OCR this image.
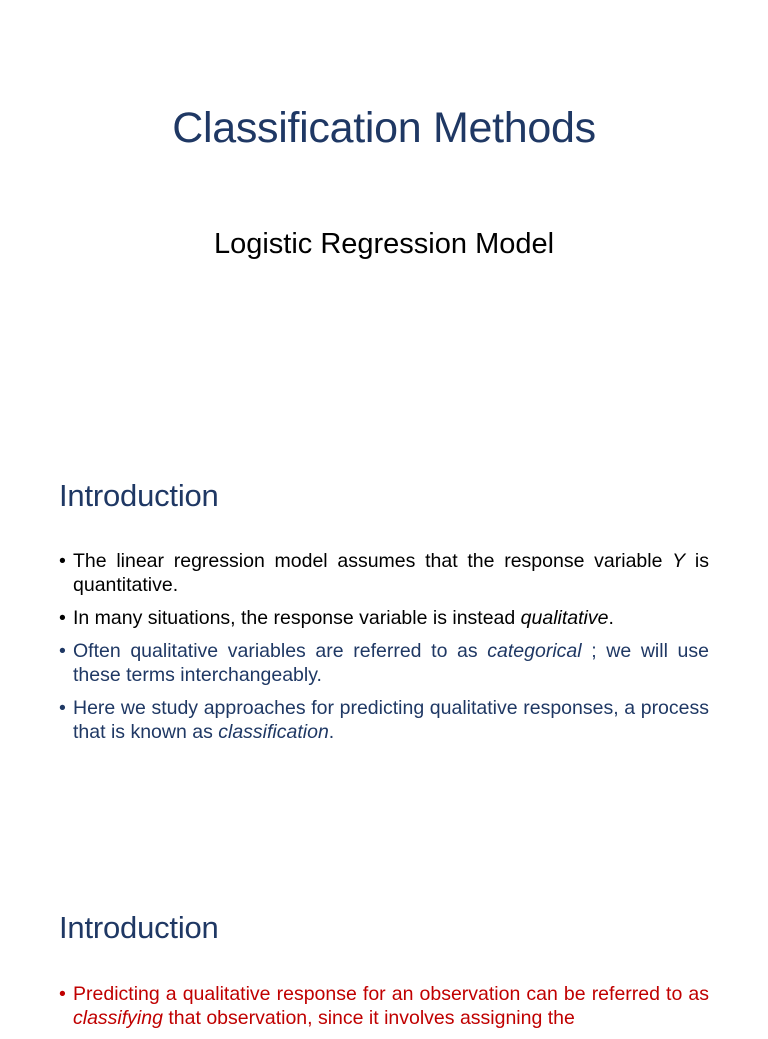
Classification Methods
Logistic Regression Model
Introduction
• The linear regression model assumes that the response variable Y is quantitative.
• In many situations, the response variable is instead qualitative.
• Often qualitative variables are referred to as categorical ; we will use these terms interchangeably.
• Here we study approaches for predicting qualitative responses, a process that is known as classification.
Introduction
• Predicting a qualitative response for an observation can be referred to as classifying that observation, since it involves assigning the
